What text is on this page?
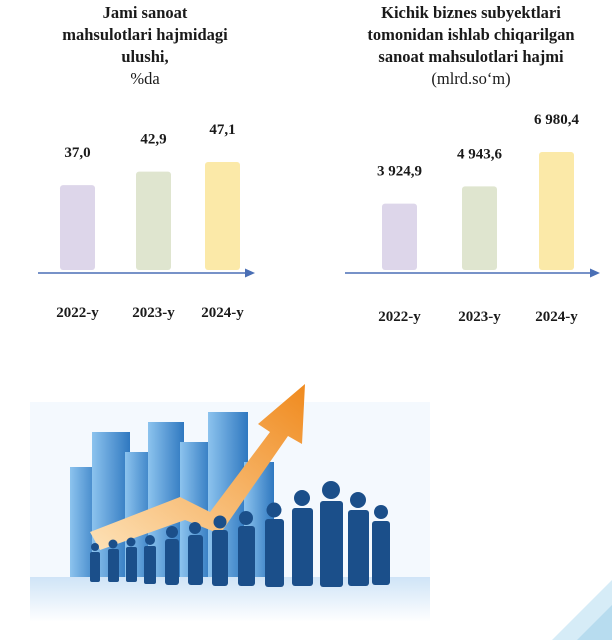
Jami sanoat
mahsulotlari hajmidagi
ulushi,
%da
37,0
2022-y
42,9
2023-y
47,1
2024-y
Kichik biznes subyektlari
tomonidan ishlab chiqarilgan
sanoat mahsulotlari hajmi
(mlrd.so‘m)
3 924,9
2022-y
4 943,6
2023-y
6 980,4
2024-y
